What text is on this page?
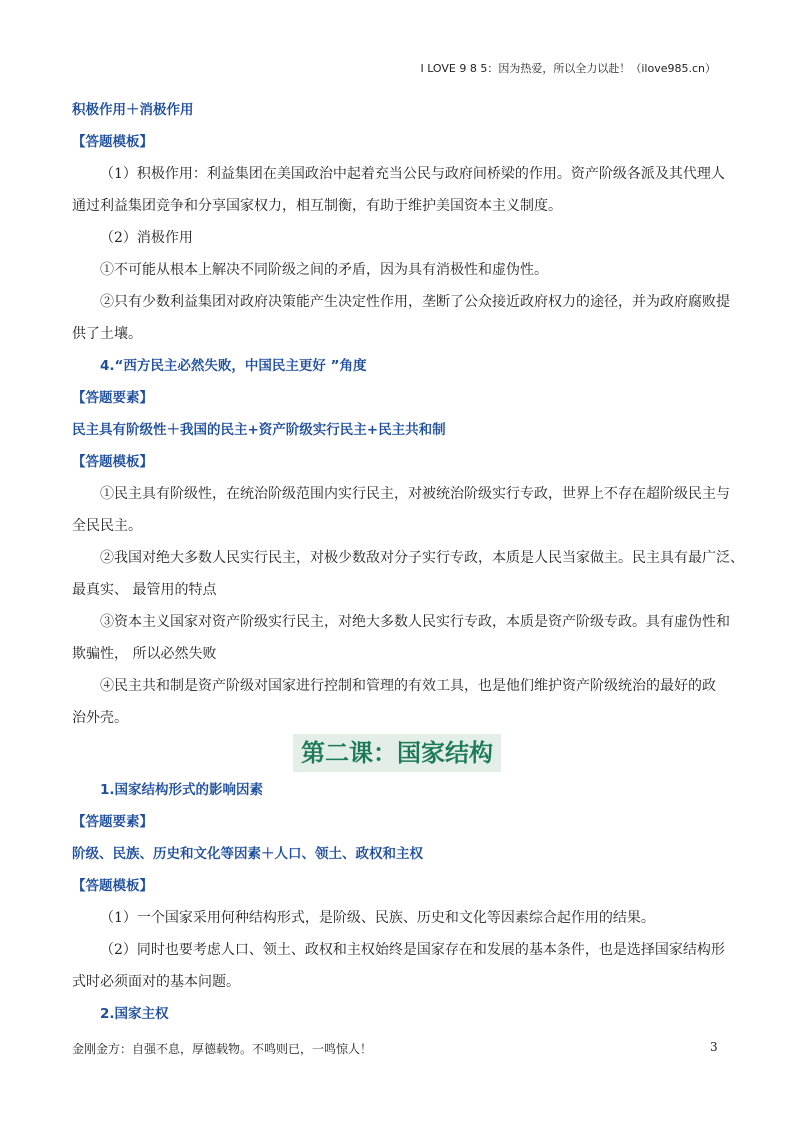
I LOVE 9 8 5：因为热爱，所以全力以赴！（ilove985.cn）
积极作用＋消极作用
【答题模板】
（1）积极作用：利益集团在美国政治中起着充当公民与政府间桥梁的作用。资产阶级各派及其代理人
通过利益集团竞争和分享国家权力，相互制衡，有助于维护美国资本主义制度。
（2）消极作用
①不可能从根本上解决不同阶级之间的矛盾，因为具有消极性和虚伪性。
②只有少数利益集团对政府决策能产生决定性作用，垄断了公众接近政府权力的途径，并为政府腐败提
供了土壤。
4.“西方民主必然失败，中国民主更好 ”角度
【答题要素】
民主具有阶级性＋我国的民主+资产阶级实行民主+民主共和制
【答题模板】
①民主具有阶级性，在统治阶级范围内实行民主，对被统治阶级实行专政，世界上不存在超阶级民主与
全民民主。
②我国对绝大多数人民实行民主，对极少数敌对分子实行专政，本质是人民当家做主。民主具有最广泛、
最真实、 最管用的特点
③资本主义国家对资产阶级实行民主，对绝大多数人民实行专政，本质是资产阶级专政。具有虚伪性和
欺骗性， 所以必然失败
④民主共和制是资产阶级对国家进行控制和管理的有效工具，也是他们维护资产阶级统治的最好的政
治外壳。
第二课：国家结构
1.国家结构形式的影响因素
【答题要素】
阶级、民族、历史和文化等因素＋人口、领土、政权和主权
【答题模板】
（1）一个国家采用何种结构形式，是阶级、民族、历史和文化等因素综合起作用的结果。
（2）同时也要考虑人口、领土、政权和主权始终是国家存在和发展的基本条件，也是选择国家结构形
式时必须面对的基本问题。
2.国家主权
金刚金方：自强不息，厚德载物。不鸣则已，一鸣惊人！	3
